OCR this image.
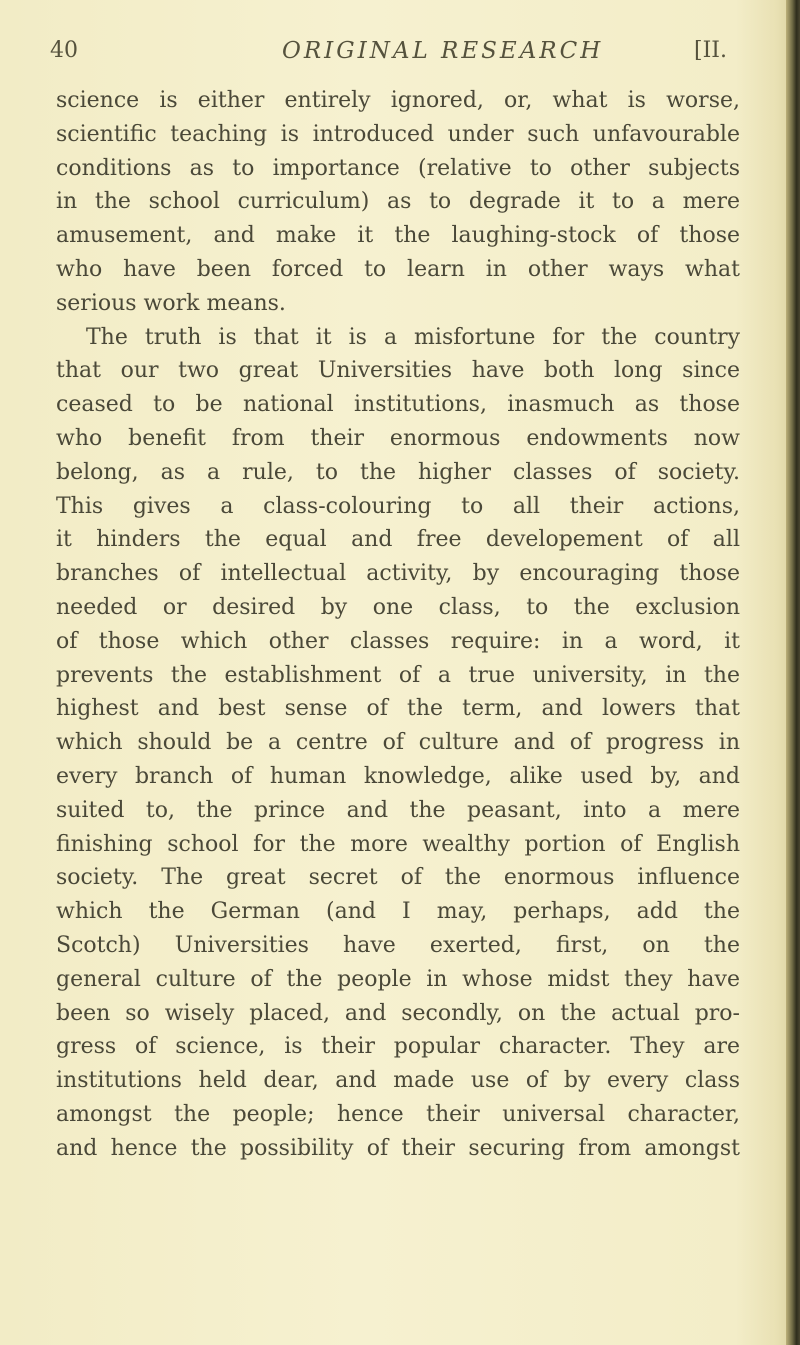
40	ORIGINAL RESEARCH	[II.
science is either entirely ignored, or, what is worse,
scientific teaching is introduced under such unfavourable
conditions as to importance (relative to other subjects
in the school curriculum) as to degrade it to a mere
amusement, and make it the laughing-stock of those
who have been forced to learn in other ways what
serious work means.
The truth is that it is a misfortune for the country
that our two great Universities have both long since
ceased to be national institutions, inasmuch as those
who benefit from their enormous endowments now
belong, as a rule, to the higher classes of society.
This gives a class-colouring to all their actions,
it hinders the equal and free developement of all
branches of intellectual activity, by encouraging those
needed or desired by one class, to the exclusion
of those which other classes require: in a word, it
prevents the establishment of a true university, in the
highest and best sense of the term, and lowers that
which should be a centre of culture and of progress in
every branch of human knowledge, alike used by, and
suited to, the prince and the peasant, into a mere
finishing school for the more wealthy portion of English
society. The great secret of the enormous influence
which the German (and I may, perhaps, add the
Scotch) Universities have exerted, first, on the
general culture of the people in whose midst they have
been so wisely placed, and secondly, on the actual pro-
gress of science, is their popular character. They are
institutions held dear, and made use of by every class
amongst the people; hence their universal character,
and hence the possibility of their securing from amongst
